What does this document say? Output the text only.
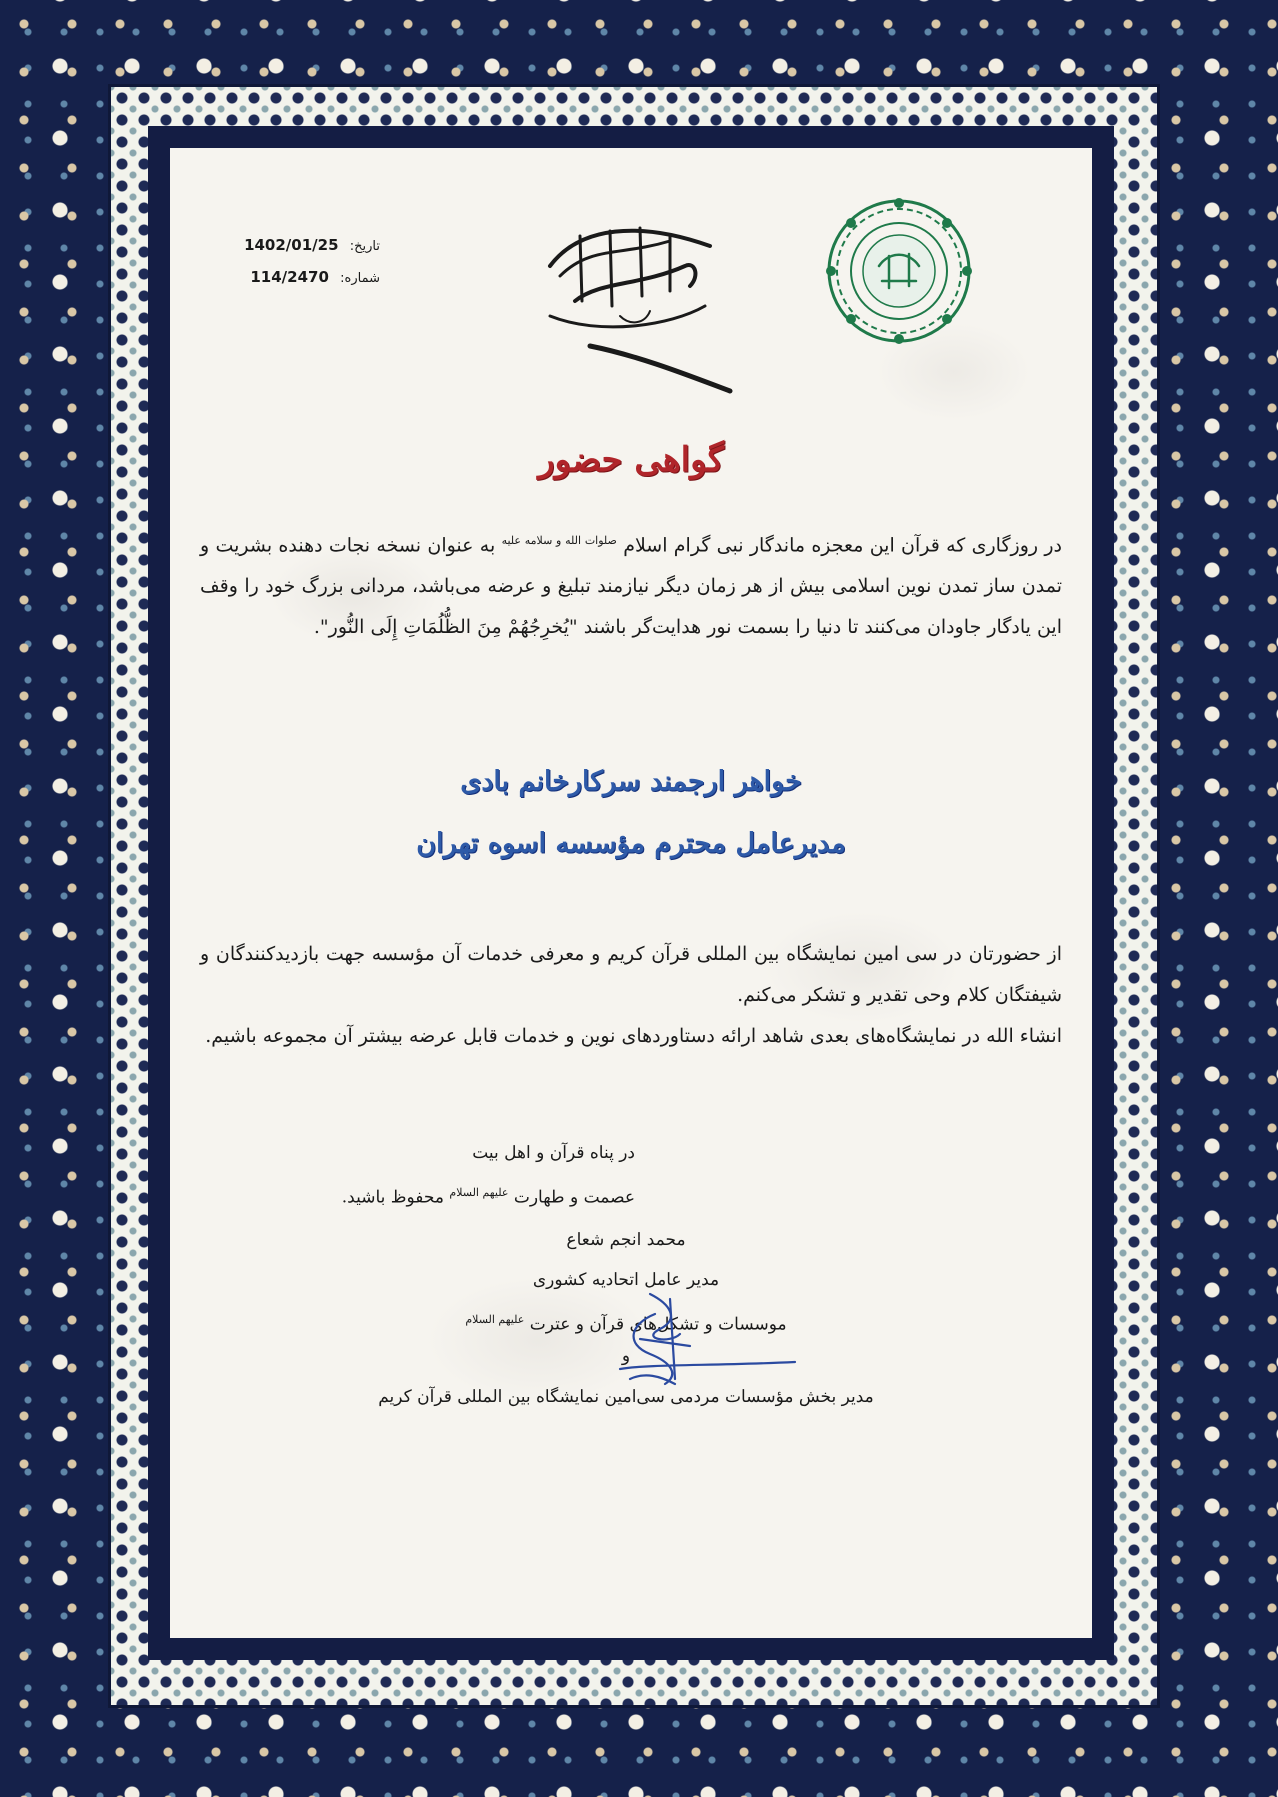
تاریخ: 1402/01/25
شماره: 114/2470
گواهی حضور
در روزگاری که قرآن این معجزه ماندگار نبی گرام اسلام $^{صلوات الله و سلامه علیه}$ به عنوان نسخه نجات دهنده بشریت و تمدن ساز تمدن نوین اسلامی بیش از هر زمان دیگر نیازمند تبلیغ و عرضه می‌باشد، مردانی بزرگ خود را وقف این یادگار جاودان می‌کنند تا دنیا را بسمت نور هدایت‌گر باشند "یُخرِجُهُمْ مِنَ الظُّلُمَاتِ إِلَى النُّور".
خواهر ارجمند سرکارخانم بادی
مدیرعامل محترم مؤسسه اسوه تهران
از حضورتان در سی امین نمایشگاه بین المللی قرآن کریم و معرفی خدمات آن مؤسسه جهت بازدیدکنندگان و شیفتگان کلام وحی تقدیر و تشکر می‌کنم.
انشاء الله در نمایشگاه‌های بعدی شاهد ارائه دستاوردهای نوین و خدمات قابل عرضه بیشتر آن مجموعه باشیم.
در پناه قرآن و اهل بیت
عصمت و طهارت $^{علیهم السلام}$ محفوظ باشید.
محمد انجم شعاع
مدیر عامل اتحادیه کشوری
موسسات و تشکل‌های قرآن و عترت $^{علیهم السلام}$
و
مدیر بخش مؤسسات مردمی سی‌امین نمایشگاه بین المللی قرآن کریم
